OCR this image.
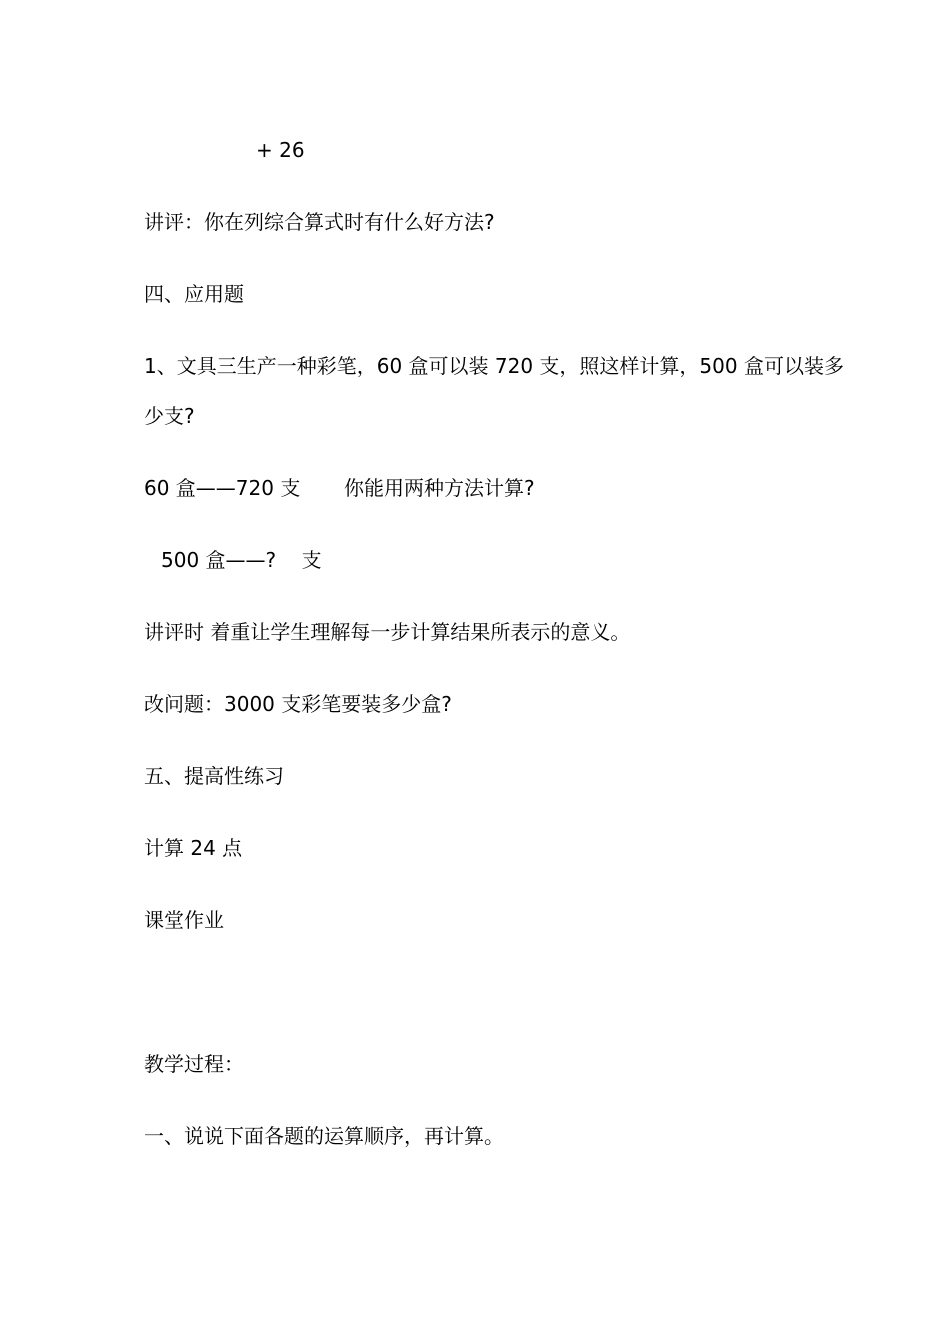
+ 26
讲评：你在列综合算式时有什么好方法?
四、应用题
1、文具三生产一种彩笔，60 盒可以装 720 支，照这样计算，500 盒可以装多
少支?
60 盒——720 支 你能用两种方法计算?
500 盒——?    支
讲评时 着重让学生理解每一步计算结果所表示的意义。
改问题：3000 支彩笔要装多少盒?
五、提高性练习
计算 24 点
课堂作业
教学过程：
一、说说下面各题的运算顺序，再计算。
